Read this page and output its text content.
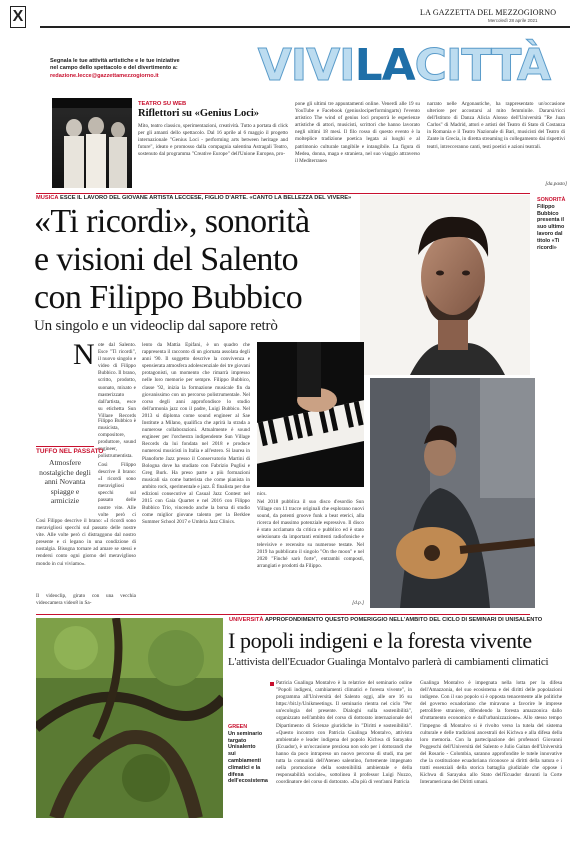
X	LA GAZZETTA DEL MEZZOGIORNO
Mercoledì 28 aprile 2021
Segnala le tue attività artistiche e le tue iniziative
nel campo dello spettacolo e del divertimento a:
redazione.lecce@gazzettamezzogiorno.it	VIVILACITTÀ
TEATRO SU WEB
Riflettori su «Genius Loci»
Mito, teatro classico, sperimentazioni, creatività. Tutto a portata di click per gli amanti dello spettacolo. Dal 16 aprile al 6 maggio il progetto internazionale "Genius Loci - performing arts between heritage and future", ideato e promosso dalla compagnia salentina Astragali Teatro, sostenuto dal programma "Creative Europe" dell'Unione Europea, pro-
pone gli ultimi tre appuntamenti online. Venerdì alle 19 su YouTube e Facebook (geniuslociperformingarts) l'evento artistico The wind of genius loci proporrà le esperienze artistiche di attori, musicisti, scrittori che hanno lavorato negli ultimi 18 mesi. Il filo rosso di questo evento è la molteplice tradizione poetica legata ai luoghi e al patrimonio culturale tangibile e intangibile. La figura di Medea, donna, maga e straniera, nel suo viaggio attraverso il Mediterraneo
narrato nelle Argonautiche, ha rappresentato un'occasione ulteriore per accostarsi al mito femminile. Dararsi/ricci dell'Istituto di Danza Alicia Alonso dell'Università "Re Juan Carlos" di Madrid, attori e artisti del Teatro di Stato di Costanza in Romania e il Teatro Nazionale di Bari, musicisti del Teatro di Zante in Grecia, in diretta streaming in collegamento dai rispettivi teatri, intrecceranno canti, testi poetici e azioni teatrali.
[da.pasto]
MUSICA ESCE IL LAVORO DEL GIOVANE ARTISTA LECCESE, FIGLIO D'ARTE. «CANTO LA BELLEZZA DEL VIVERE»
«Ti ricordi», sonorità
e visioni del Salento
con Filippo Bubbico
Un singolo e un videoclip dal sapore retrò
SONORITÀ
Filippo Bubbico presenta il suo ultimo lavoro dal titolo «Ti ricordi»
N ote dal Salento. Esce "Ti ricordi", il nuovo singolo e video di Filippo Bubbico. Il brano, scritto, prodotto, suonato, mixato e masterizzato dall'artista, esce su etichetta Sun Village Records
Filippo Bubbico è musicista, compositore, produttore, sound engineer, polistrumentista.
TUFFO NEL PASSATO
Atmosfere nostalgiche degli anni Novanta spiagge e armicizie
Così Filippo descrive il brano: «I ricordi sono meravigliosi specchi sul passato delle nostre vite. Alle volte però ci
Così Filippo descrive il brano: «I ricordi sono meravigliosi specchi sul passato delle nostre vite. Alle volte però ci distraggono dal nostro presente e ci legano in una condizione di nostalgia. Bisogna tornare ad amare se stessi e rendersi conto ogni giorno del meraviglioso mondo in cui viviamo».
Il videoclip, girato con una vecchia videocamera video8 in Sa-
lento da Mattia Epifani, è un quadro che rappresenta il racconto di un giornata assolata degli anni '90. Il soggetto descrive la convivenza e spensierata atmosfera adolescenziale dei tre giovani protagonisti, un momento che rimarrà impresso nelle loro memorie per sempre. Filippo Bubbico, classe '92, inizia la formazione musicale fin da giovanissimo con un percorso polistrumentale. Nel corso degli anni approfondisce lo studio dell'armonia jazz con il padre, Luigi Bubbico. Nel 2013 si diploma come sound engineer al Sae Institute a Milano, qualifica che aprirà la strada a numerose collaborazioni. Attualmente è sound engineer per l'orchestra indipendente Sun Village Records da lui fondata nel 2018 e produce numerosi musicisti in Italia e all'estero. Si laurea in Pianoforte Jazz presso il Conservatorio Martini di Bologna dove ha studiato con Fabrizio Puglisi e Greg Burk. Ha preso parte a più formazioni musicali sia come batterista che come pianista in ambito rock, sperimentale e jazz. È finalista per due edizioni consecutive al Casual Jazz Contest nel 2015 con Gaia Quartet e nel 2016 con Filippo Bubbico Trio, vincendo anche la borsa di studio come miglior giovane talento per la Berklee Summer School 2017 e Umbria Jazz Clinics.
nics.
Nel 2018 pubblica il suo disco d'esordio Sun Village con 11 tracce originali che esplorano nuovi sound, da potenti groove funk a beat eterici, alla ricerca del massimo potenziale espressivo. Il disco è stato acclamato da critica e pubblico ed è stato selezionato da importanti emittenti radiofoniche e televisive e recensito su numerose testate. Nel 2019 ha pubblicato il singolo "On the moon" e nel 2020 "Finché sarò forte", entrambi composti, arrangiati e prodotti da Filippo.
[d.p.]
GREEN
Un seminario targato Unisalento sui cambiamenti climatici e la difesa dell'ecosistema
UNIVERSITÀ APPROFONDIMENTO QUESTO POMERIGGIO NELL'AMBITO DEL CICLO DI SEMINARI DI UNISALENTO
I popoli indigeni e la foresta vivente
L'attivista dell'Ecuador Gualinga Montalvo parlerà di cambiamenti climatici
Patricia Gualinga Montalvo è la relatrice del seminario online "Popoli indigeni, cambiamenti climatici e foresta vivente", in programma all'Università del Salento oggi, alle ore 16 su https://bit.ly/Unikmeetings. Il seminario rientra nel ciclo "Per un'ecologia del presente. Dialoghi sulla sostenibilità", organizzato nell'ambito del corso di dottorato internazionale del Dipartimento di Scienze giuridiche in "Diritti e sostenibilità". «Questo incontro con Patricia Gualinga Montalvo, attivista ambientale e leader indigena del popolo Kichwa di Sarayaku (Ecuador), è un'occasione preziosa non solo per i dottorandi che hanno da poco intrapreso un nuovo percorso di studi, ma per tutta la comunità dell'Ateneo salentino, fortemente impegnato nella promozione della sostenibilità ambientale e della responsabilità sociale», sottolinea il professor Luigi Nuzzo, coordinatore del corso di dottorato. «Da più di vent'anni Patricia
Gualinga Montalvo è impegnata nella lotta per la difesa dell'Amazzonia, del suo ecosistema e dei diritti delle popolazioni indigene. Con il suo popolo si è opposta tenacemente alle politiche del governo ecuadoriano che miravano a favorire le imprese petrolifere straniere, difendendo la foresta amazzonica dallo sfruttamento economico e dall'urbanizzazione». Allo stesso tempo l'impegno di Montalvo si è rivolto verso la tutela del sistema culturale e delle tradizioni ancestrali dei Kichwa e alla difesa della loro memoria. Con la partecipazione dei professori Giovanni Poggeschi dell'Università del Salento e Julio Gaitan dell'Università del Rosario - Colombia, saranno approfondite le tutele innovative che la costituzione ecuadoriana riconosce ai diritti della natura e i tratti essenziali della storica battaglia giudiziale che oppose i Kichwa di Sarayaku allo Stato dell'Ecuador davanti la Corte Interamericana dei Diritti umani.
